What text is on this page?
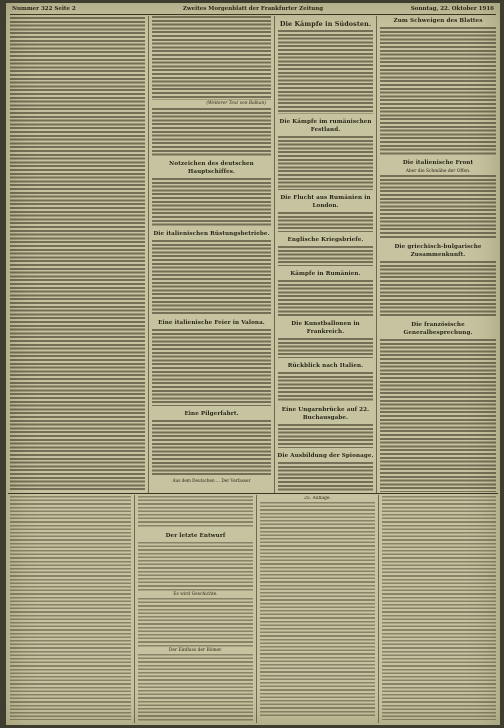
Nummer 322 Seite 2	Zweites Morgenblatt der Frankfurter Zeitung	Sonntag, 22. Oktober 1916
(Weiterer Text von Balkan)
Notzeichen des deutschen Hauptschiffes.
Die italienischen Rüstungsbetriebe.
Eine italienische Feier in Valona.
Eine Pilgerfahrt.
Aus dem Deutschen ... Der Verfasser
Die Kämpfe in Südosten.
Die Kämpfe im rumänischen Festland.
Die Flucht aus Rumänien in London.
Englische Kriegsbriefe.
Kämpfe in Rumänien.
Die Kunstballonen in Frankreich.
Rückblick nach Italien.
Eine Ungarnbrücke auf 22. Buchausgabe.
Die Ausbildung der Spionage.
Zum Schweigen des Blattes
Die italienische Front
Aber die Schmähe der Offen.
Die griechisch-bulgarische Zusammenkunft.
Die französische Generalbesprechung.
Der letzte Entwurf
Es wird Geschichte.
Der Einfluss der Römer.
25. Auflage.
